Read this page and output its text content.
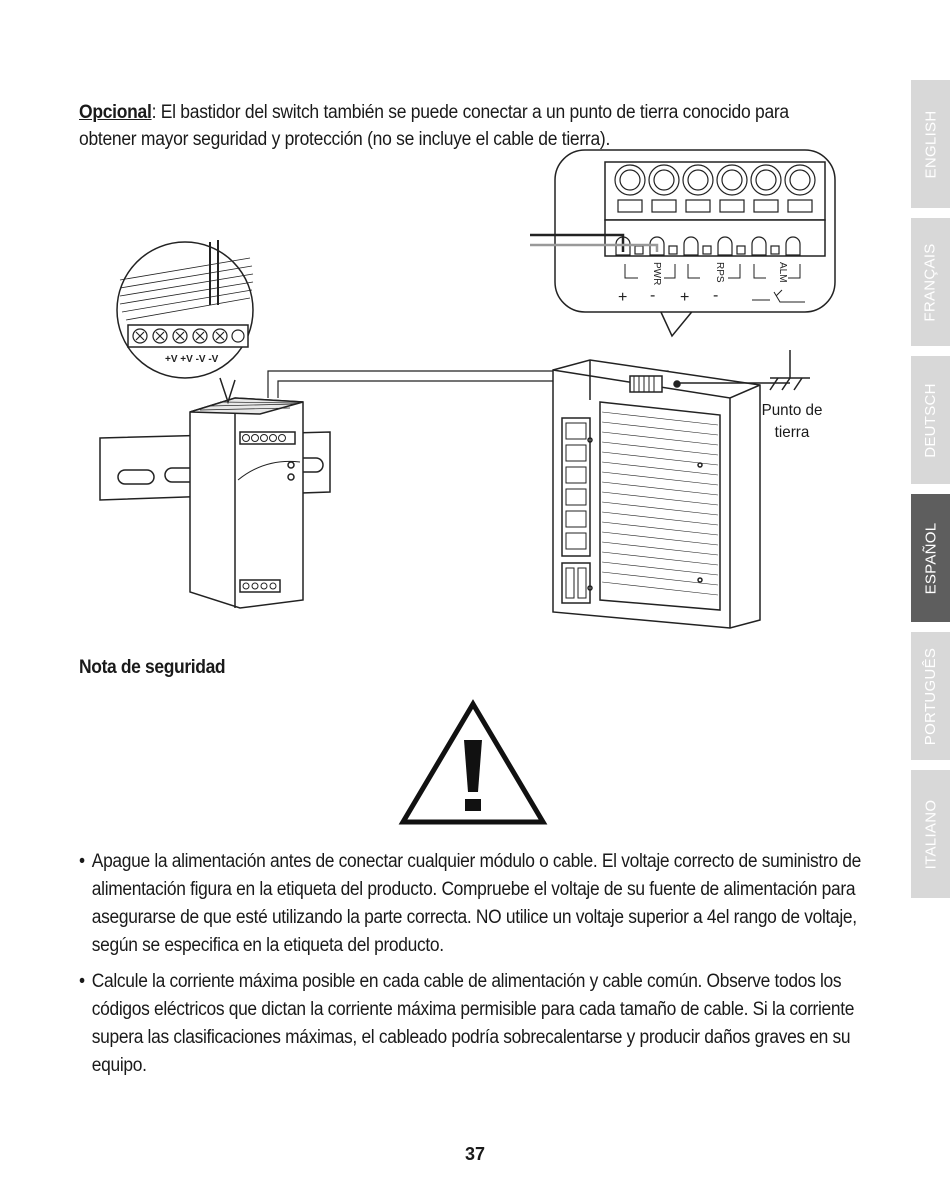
Opcional: El bastidor del switch también se puede conectar a un punto de tierra conocido para obtener mayor seguridad y protección (no se incluye el cable de tierra).	ENGLISH
FRANÇAIS
DEUTSCH
ESPAÑOL
PORTUGUÊS
ITALIANO
+V +V -V -V
PWR	RPS	ALM
+ - + -
Punto de
tierra
Nota de seguridad
• Apague la alimentación antes de conectar cualquier módulo o cable. El voltaje correcto de suministro de alimentación figura en la etiqueta del producto. Compruebe el voltaje de su fuente de alimentación para asegurarse de que esté utilizando la parte correcta. NO utilice un voltaje superior a 4el rango de voltaje, según se especifica en la etiqueta del producto.
• Calcule la corriente máxima posible en cada cable de alimentación y cable común. Observe todos los códigos eléctricos que dictan la corriente máxima permisible para cada tamaño de cable. Si la corriente supera las clasificaciones máximas, el cableado podría sobrecalentarse y producir daños graves en su equipo.
37
